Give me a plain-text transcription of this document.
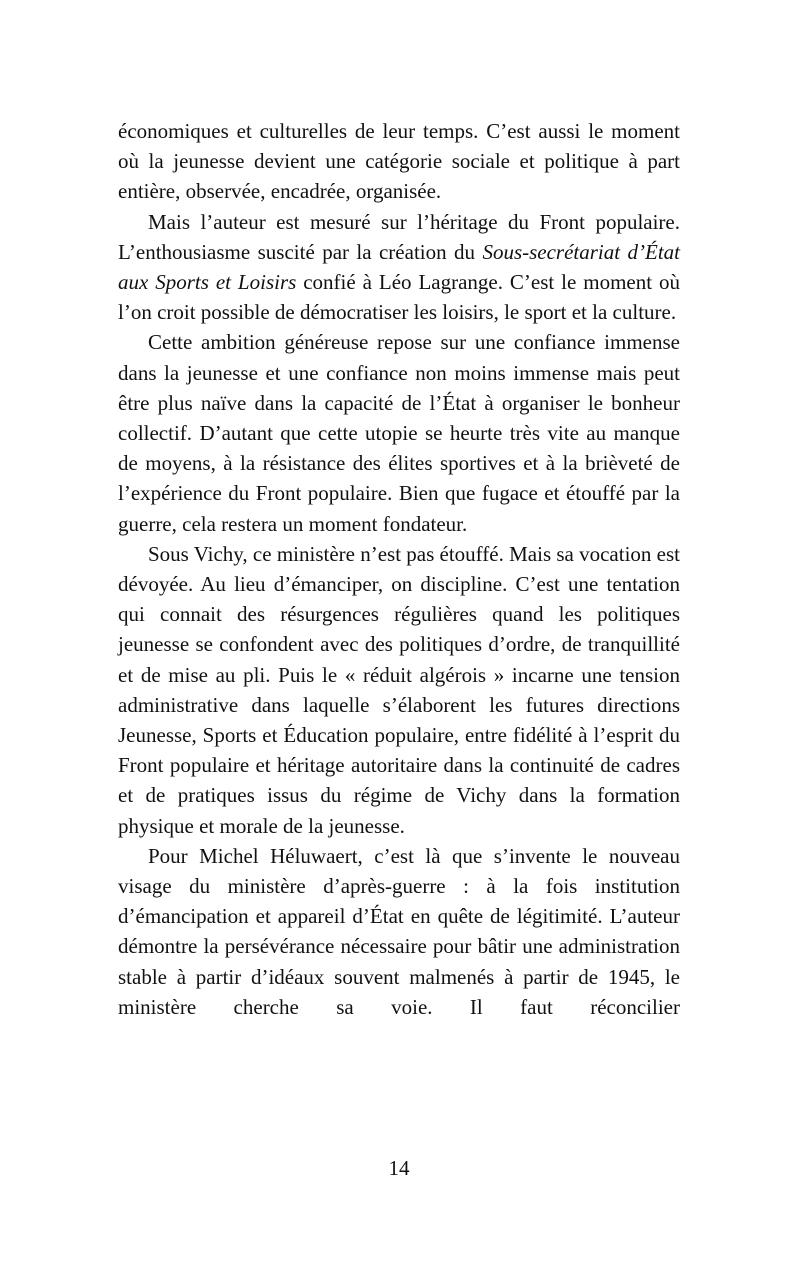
économiques et culturelles de leur temps. C’est aussi le moment où la jeunesse devient une catégorie sociale et politique à part entière, observée, encadrée, organisée.

Mais l’auteur est mesuré sur l’héritage du Front populaire. L’enthousiasme suscité par la création du Sous-secrétariat d’État aux Sports et Loisirs confié à Léo Lagrange. C’est le moment où l’on croit possible de démocratiser les loisirs, le sport et la culture.

Cette ambition généreuse repose sur une confiance immense dans la jeunesse et une confiance non moins immense mais peut être plus naïve dans la capacité de l’État à organiser le bonheur collectif. D’autant que cette utopie se heurte très vite au manque de moyens, à la résistance des élites sportives et à la brièveté de l’expérience du Front populaire. Bien que fugace et étouffé par la guerre, cela restera un moment fondateur.

Sous Vichy, ce ministère n’est pas étouffé. Mais sa vocation est dévoyée. Au lieu d’émanciper, on discipline. C’est une tentation qui connait des résurgences régulières quand les politiques jeunesse se confondent avec des politiques d’ordre, de tranquillité et de mise au pli. Puis le « réduit algérois » incarne une tension administrative dans laquelle s’élaborent les futures directions Jeunesse, Sports et Éducation populaire, entre fidélité à l’esprit du Front populaire et héritage autoritaire dans la continuité de cadres et de pratiques issus du régime de Vichy dans la formation physique et morale de la jeunesse.

Pour Michel Héluwaert, c’est là que s’invente le nouveau visage du ministère d’après-guerre : à la fois institution d’émancipation et appareil d’État en quête de légitimité. L’auteur démontre la persévérance nécessaire pour bâtir une administration stable à partir d’idéaux souvent malmenés à partir de 1945, le ministère cherche sa voie. Il faut réconcilier

14
